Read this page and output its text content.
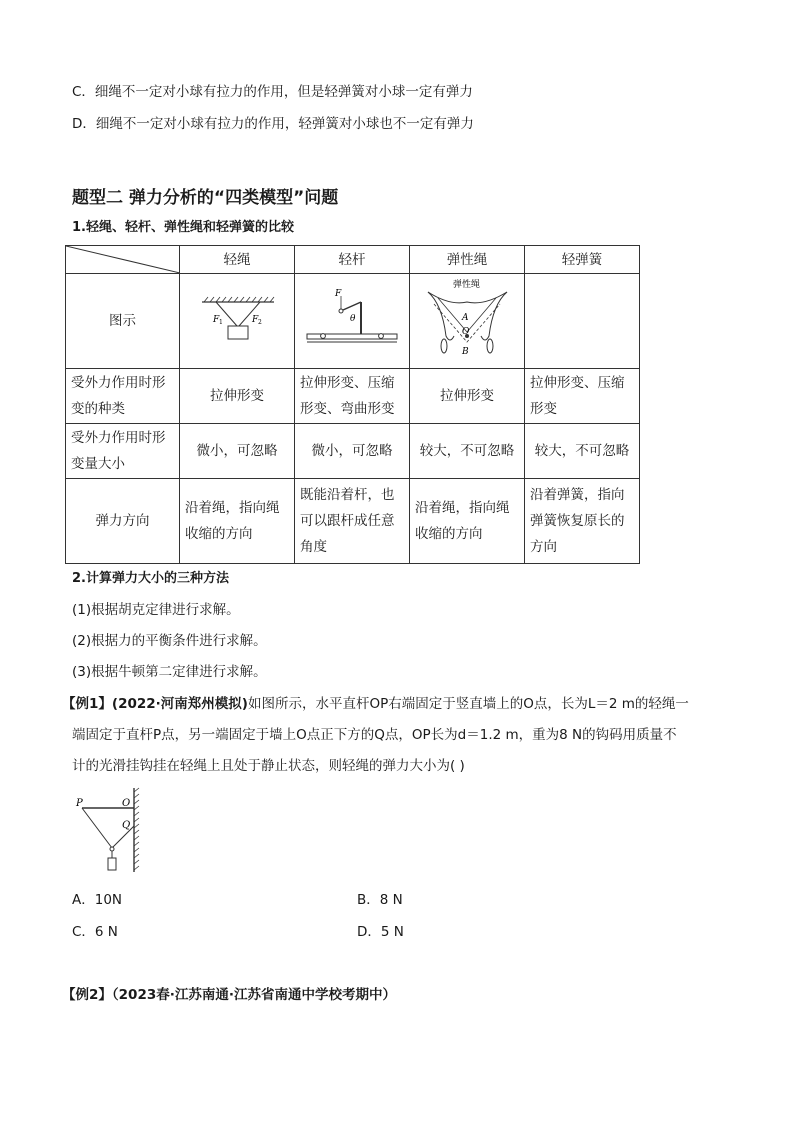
C．细绳不一定对小球有拉力的作用，但是轻弹簧对小球一定有弹力
D．细绳不一定对小球有拉力的作用，轻弹簧对小球也不一定有弹力
题型二 弹力分析的“四类模型”问题
1.轻绳、轻杆、弹性绳和轻弹簧的比较
	轻绳	轻杆	弹性绳	轻弹簧
图示	F 1 F 2	F
θ	弹性绳
A
O
B	

受外力作用时形变的种类	拉伸形变	拉伸形变、压缩形变、弯曲形变	拉伸形变	拉伸形变、压缩形变
受外力作用时形变量大小	微小，可忽略	微小，可忽略	较大，不可忽略	较大，不可忽略
弹力方向	沿着绳，指向绳收缩的方向	既能沿着杆，也可以跟杆成任意角度	沿着绳，指向绳收缩的方向	沿着弹簧，指向弹簧恢复原长的方向
2.计算弹力大小的三种方法
(1)根据胡克定律进行求解。
(2)根据力的平衡条件进行求解。
(3)根据牛顿第二定律进行求解。
【例1】(2022·河南郑州模拟)如图所示，水平直杆OP右端固定于竖直墙上的O点，长为L＝2 m的轻绳一
端固定于直杆P点，另一端固定于墙上O点正下方的Q点，OP长为d＝1.2 m，重为8 N的钩码用质量不
计的光滑挂钩挂在轻绳上且处于静止状态，则轻绳的弹力大小为( )
P	O
Q
A．10N	B．8 N
C．6 N	D．5 N
【例2】（2023春·江苏南通·江苏省南通中学校考期中）
